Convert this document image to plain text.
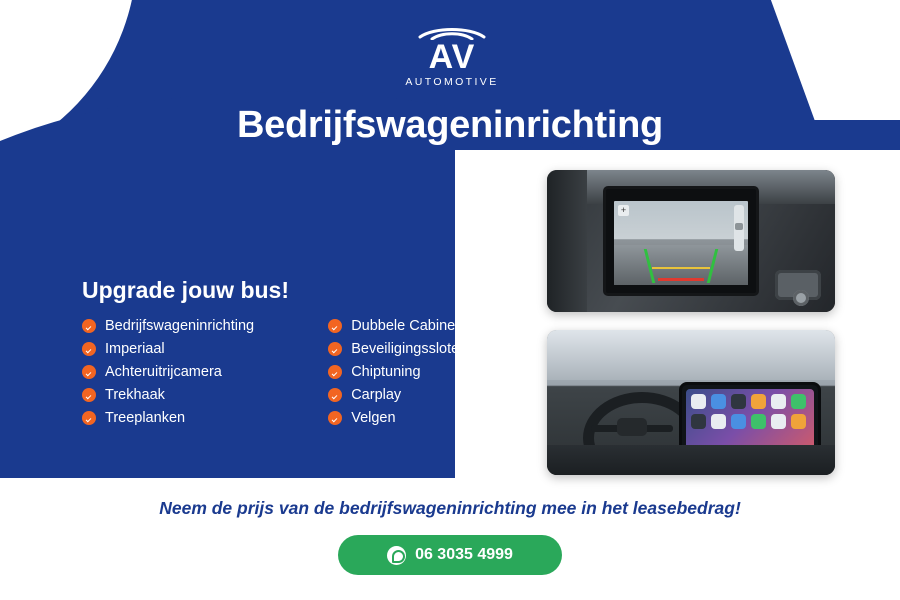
AV
AUTOMOTIVE
Bedrijfswageninrichting
Upgrade jouw bus!
Bedrijfswageninrichting
Imperiaal
Achteruitrijcamera
Trekhaak
Treeplanken
Dubbele Cabine
Beveiligingssloten
Chiptuning
Carplay
Velgen
+
Neem de prijs van de bedrijfswageninrichting mee in het leasebedrag!
06 3035 4999
